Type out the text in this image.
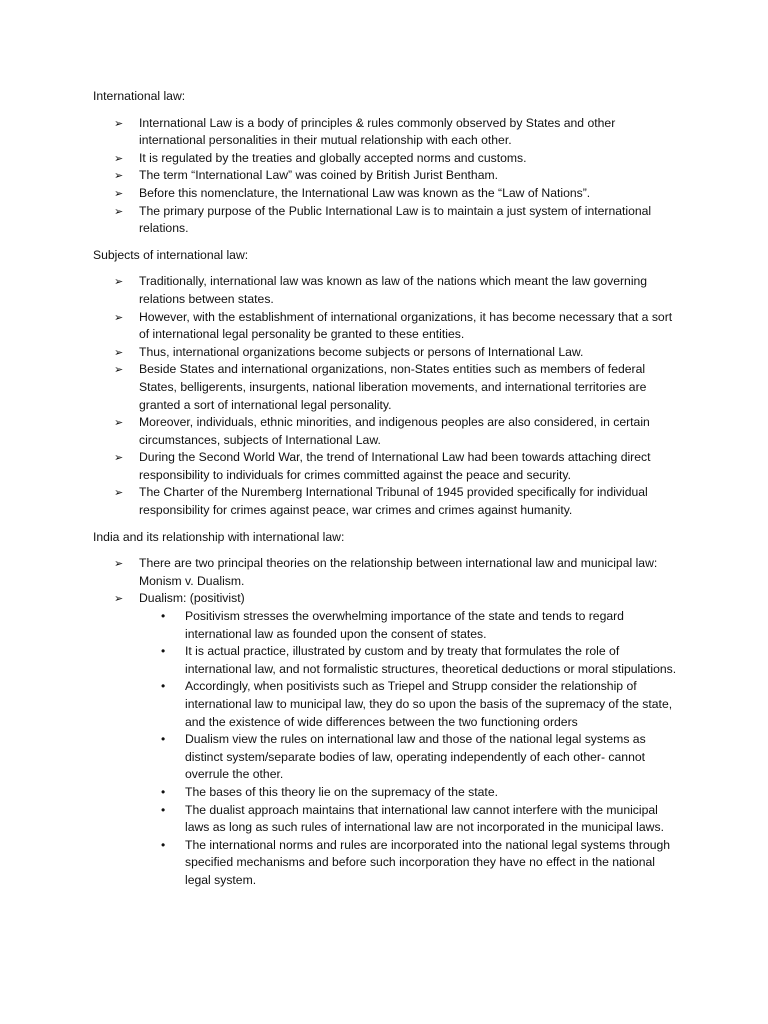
International law:

➢ International Law is a body of principles & rules commonly observed by States and other international personalities in their mutual relationship with each other.
➢ It is regulated by the treaties and globally accepted norms and customs.
➢ The term “International Law” was coined by British Jurist Bentham.
➢ Before this nomenclature, the International Law was known as the “Law of Nations”.
➢ The primary purpose of the Public International Law is to maintain a just system of international relations.

Subjects of international law:

➢ Traditionally, international law was known as law of the nations which meant the law governing relations between states.
➢ However, with the establishment of international organizations, it has become necessary that a sort of international legal personality be granted to these entities.
➢ Thus, international organizations become subjects or persons of International Law.
➢ Beside States and international organizations, non-States entities such as members of federal States, belligerents, insurgents, national liberation movements, and international territories are granted a sort of international legal personality.
➢ Moreover, individuals, ethnic minorities, and indigenous peoples are also considered, in certain circumstances, subjects of International Law.
➢ During the Second World War, the trend of International Law had been towards attaching direct responsibility to individuals for crimes committed against the peace and security.
➢ The Charter of the Nuremberg International Tribunal of 1945 provided specifically for individual responsibility for crimes against peace, war crimes and crimes against humanity.

India and its relationship with international law:

➢ There are two principal theories on the relationship between international law and municipal law: Monism v. Dualism.
➢ Dualism: (positivist)
• Positivism stresses the overwhelming importance of the state and tends to regard international law as founded upon the consent of states.
• It is actual practice, illustrated by custom and by treaty that formulates the role of international law, and not formalistic structures, theoretical deductions or moral stipulations.
• Accordingly, when positivists such as Triepel and Strupp consider the relationship of international law to municipal law, they do so upon the basis of the supremacy of the state, and the existence of wide differences between the two functioning orders
• Dualism view the rules on international law and those of the national legal systems as distinct system/separate bodies of law, operating independently of each other- cannot overrule the other.
• The bases of this theory lie on the supremacy of the state.
• The dualist approach maintains that international law cannot interfere with the municipal laws as long as such rules of international law are not incorporated in the municipal laws.
• The international norms and rules are incorporated into the national legal systems through specified mechanisms and before such incorporation they have no effect in the national legal system.
